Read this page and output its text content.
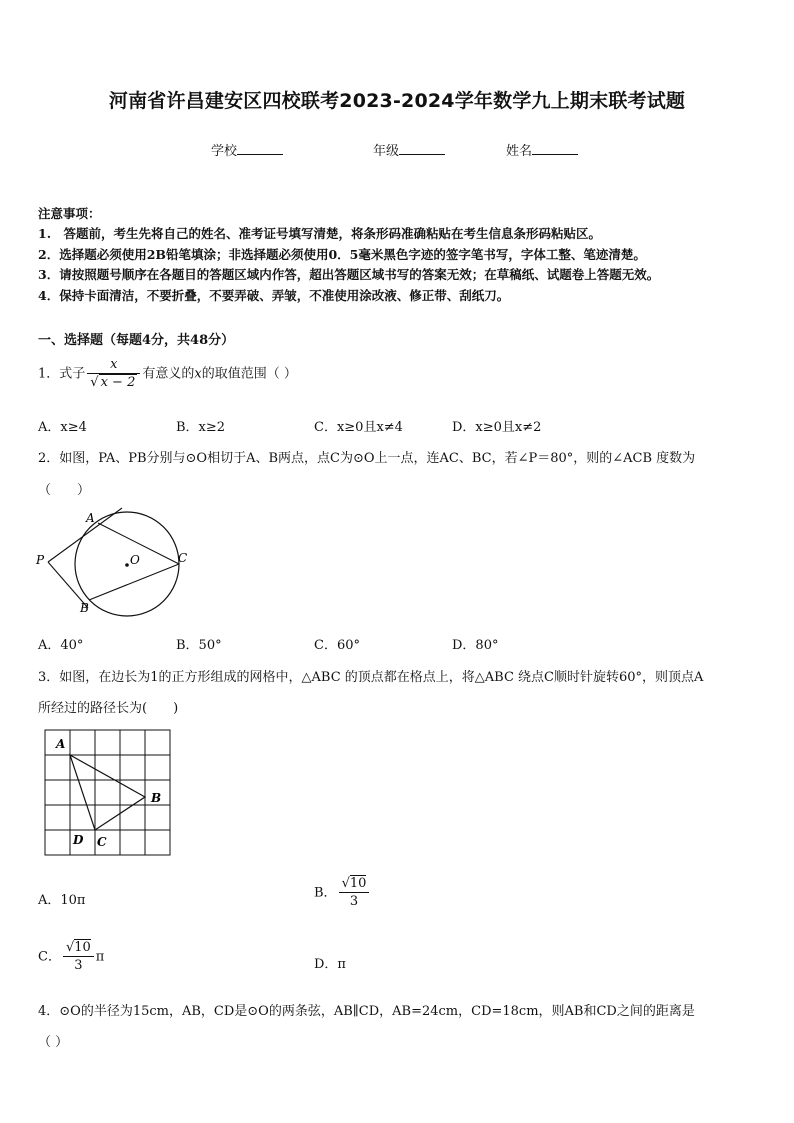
河南省许昌建安区四校联考2023-2024学年数学九上期末联考试题
学校	年级	姓名
注意事项：
1.　答题前，考生先将自己的姓名、准考证号填写清楚，将条形码准确粘贴在考生信息条形码粘贴区。
2．选择题必须使用2B铅笔填涂；非选择题必须使用0．5毫米黑色字迹的签字笔书写，字体工整、笔迹清楚。
3．请按照题号顺序在各题目的答题区域内作答，超出答题区域书写的答案无效；在草稿纸、试题卷上答题无效。
4．保持卡面清洁，不要折叠，不要弄破、弄皱，不准使用涂改液、修正带、刮纸刀。
一、选择题（每题4分，共48分）
1．式子 $\frac{x}{√ x - 2}$ 有意义的x的取值范围（ ）
A．x≥4	B．x≥2	C．x≥0且x≠4	D．x≥0且x≠2
2．如图，PA、PB分别与⊙O相切于A、B两点，点C为⊙O上一点，连AC、BC，若∠P＝80°，则的∠ACB 度数为
（　　）
A
P	O	C
B
A．40°	B．50°	C．60°	D．80°
3．如图，在边长为1的正方形组成的网格中，△ABC 的顶点都在格点上，将△ABC 绕点C顺时针旋转60°，则顶点A
所经过的路径长为(　　)
A
B
D C
A．10π	B． $\frac{√10}{3}$
C． $\frac{√10}{3}$ π	D．π
4．⊙O的半径为15cm，AB，CD是⊙O的两条弦，AB∥CD，AB=24cm，CD=18cm，则AB和CD之间的距离是
（ ）
